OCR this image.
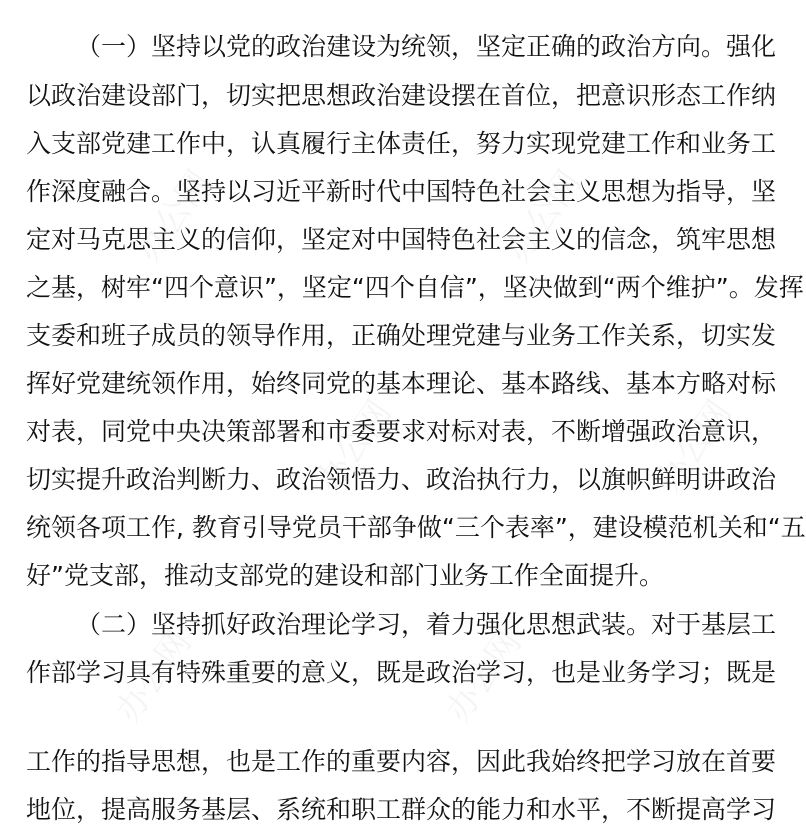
（一）坚持以党的政治建设为统领，坚定正确的政治方向。强化
以政治建设部门，切实把思想政治建设摆在首位，把意识形态工作纳
入支部党建工作中，认真履行主体责任，努力实现党建工作和业务工
作深度融合。坚持以习近平新时代中国特色社会主义思想为指导，坚
定对马克思主义的信仰，坚定对中国特色社会主义的信念，筑牢思想
之基，树牢“四个意识”，坚定“四个自信”，坚决做到“两个维护”。发挥
支委和班子成员的领导作用，正确处理党建与业务工作关系，切实发
挥好党建统领作用，始终同党的基本理论、基本路线、基本方略对标
对表，同党中央决策部署和市委要求对标对表，不断增强政治意识，
切实提升政治判断力、政治领悟力、政治执行力，以旗帜鲜明讲政治
统领各项工作, 教育引导党员干部争做“三个表率”，建设模范机关和“五
好”党支部，推动支部党的建设和部门业务工作全面提升。
（二）坚持抓好政治理论学习，着力强化思想武装。对于基层工
作部学习具有特殊重要的意义，既是政治学习，也是业务学习；既是
工作的指导思想，也是工作的重要内容，因此我始终把学习放在首要
地位，提高服务基层、系统和职工群众的能力和水平，不断提高学习
